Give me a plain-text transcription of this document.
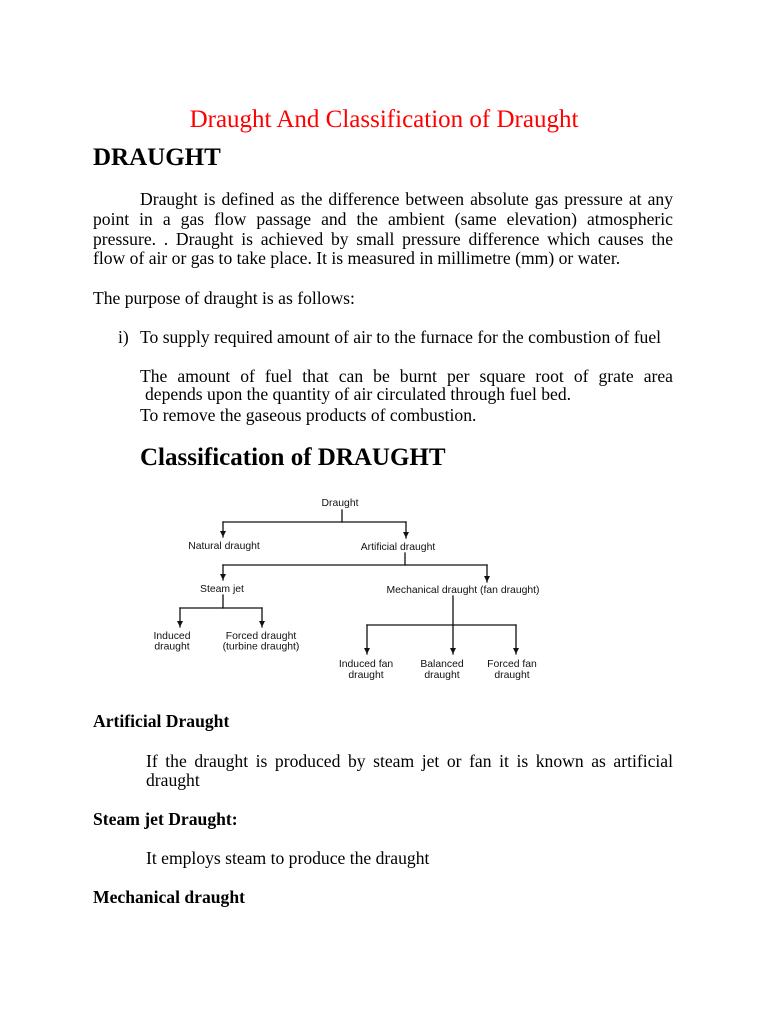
Draught And Classification of Draught
DRAUGHT
Draught is defined as the difference between absolute gas pressure at any
point in a gas flow passage and the ambient (same elevation) atmospheric
pressure. . Draught is achieved by small pressure difference which causes the
flow of air or gas to take place. It is measured in millimetre (mm) or water.
The purpose of draught is as follows:
i) To supply required amount of air to the furnace for the combustion of fuel
The amount of fuel that can be burnt per square root of grate area
depends upon the quantity of air circulated through fuel bed.
To remove the gaseous products of combustion.
Classification of DRAUGHT
Draught
Natural draught	Artificial draught
Steam jet	Mechanical draught (fan draught)
Induced
draught
Forced draught
(turbine draught)
Induced fan
draught
Balanced
draught
Forced fan
draught
Artificial Draught
If the draught is produced by steam jet or fan it is known as artificial
draught
Steam jet Draught:
It employs steam to produce the draught
Mechanical draught
